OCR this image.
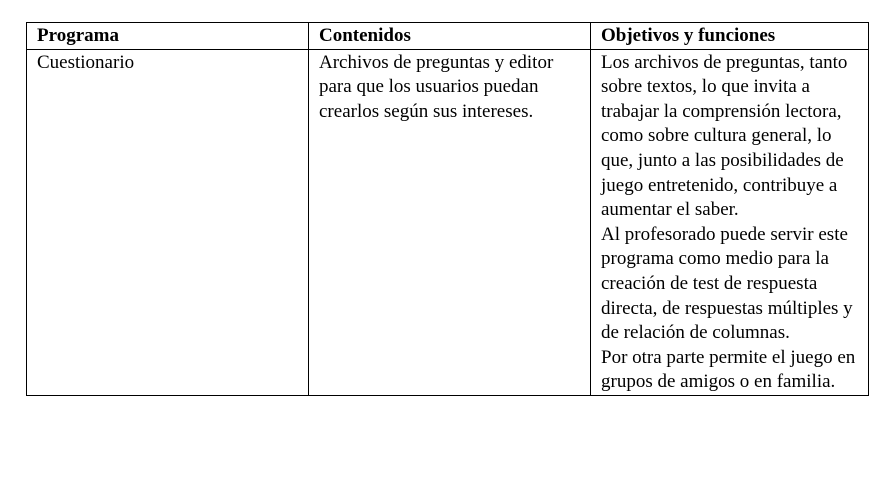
Programa	Contenidos	Objetivos y funciones
Cuestionario	Archivos de preguntas y editor para que los usuarios puedan crearlos según sus intereses.	Los archivos de preguntas, tanto sobre textos, lo que invita a trabajar la comprensión lectora, como sobre cultura general, lo que, junto a las posibilidades de juego entretenido, contribuye a aumentar el saber.
Al profesorado puede servir este programa como medio para la creación de test de respuesta directa, de respuestas múltiples y de relación de columnas.
Por otra parte permite el juego en grupos de amigos o en familia.
